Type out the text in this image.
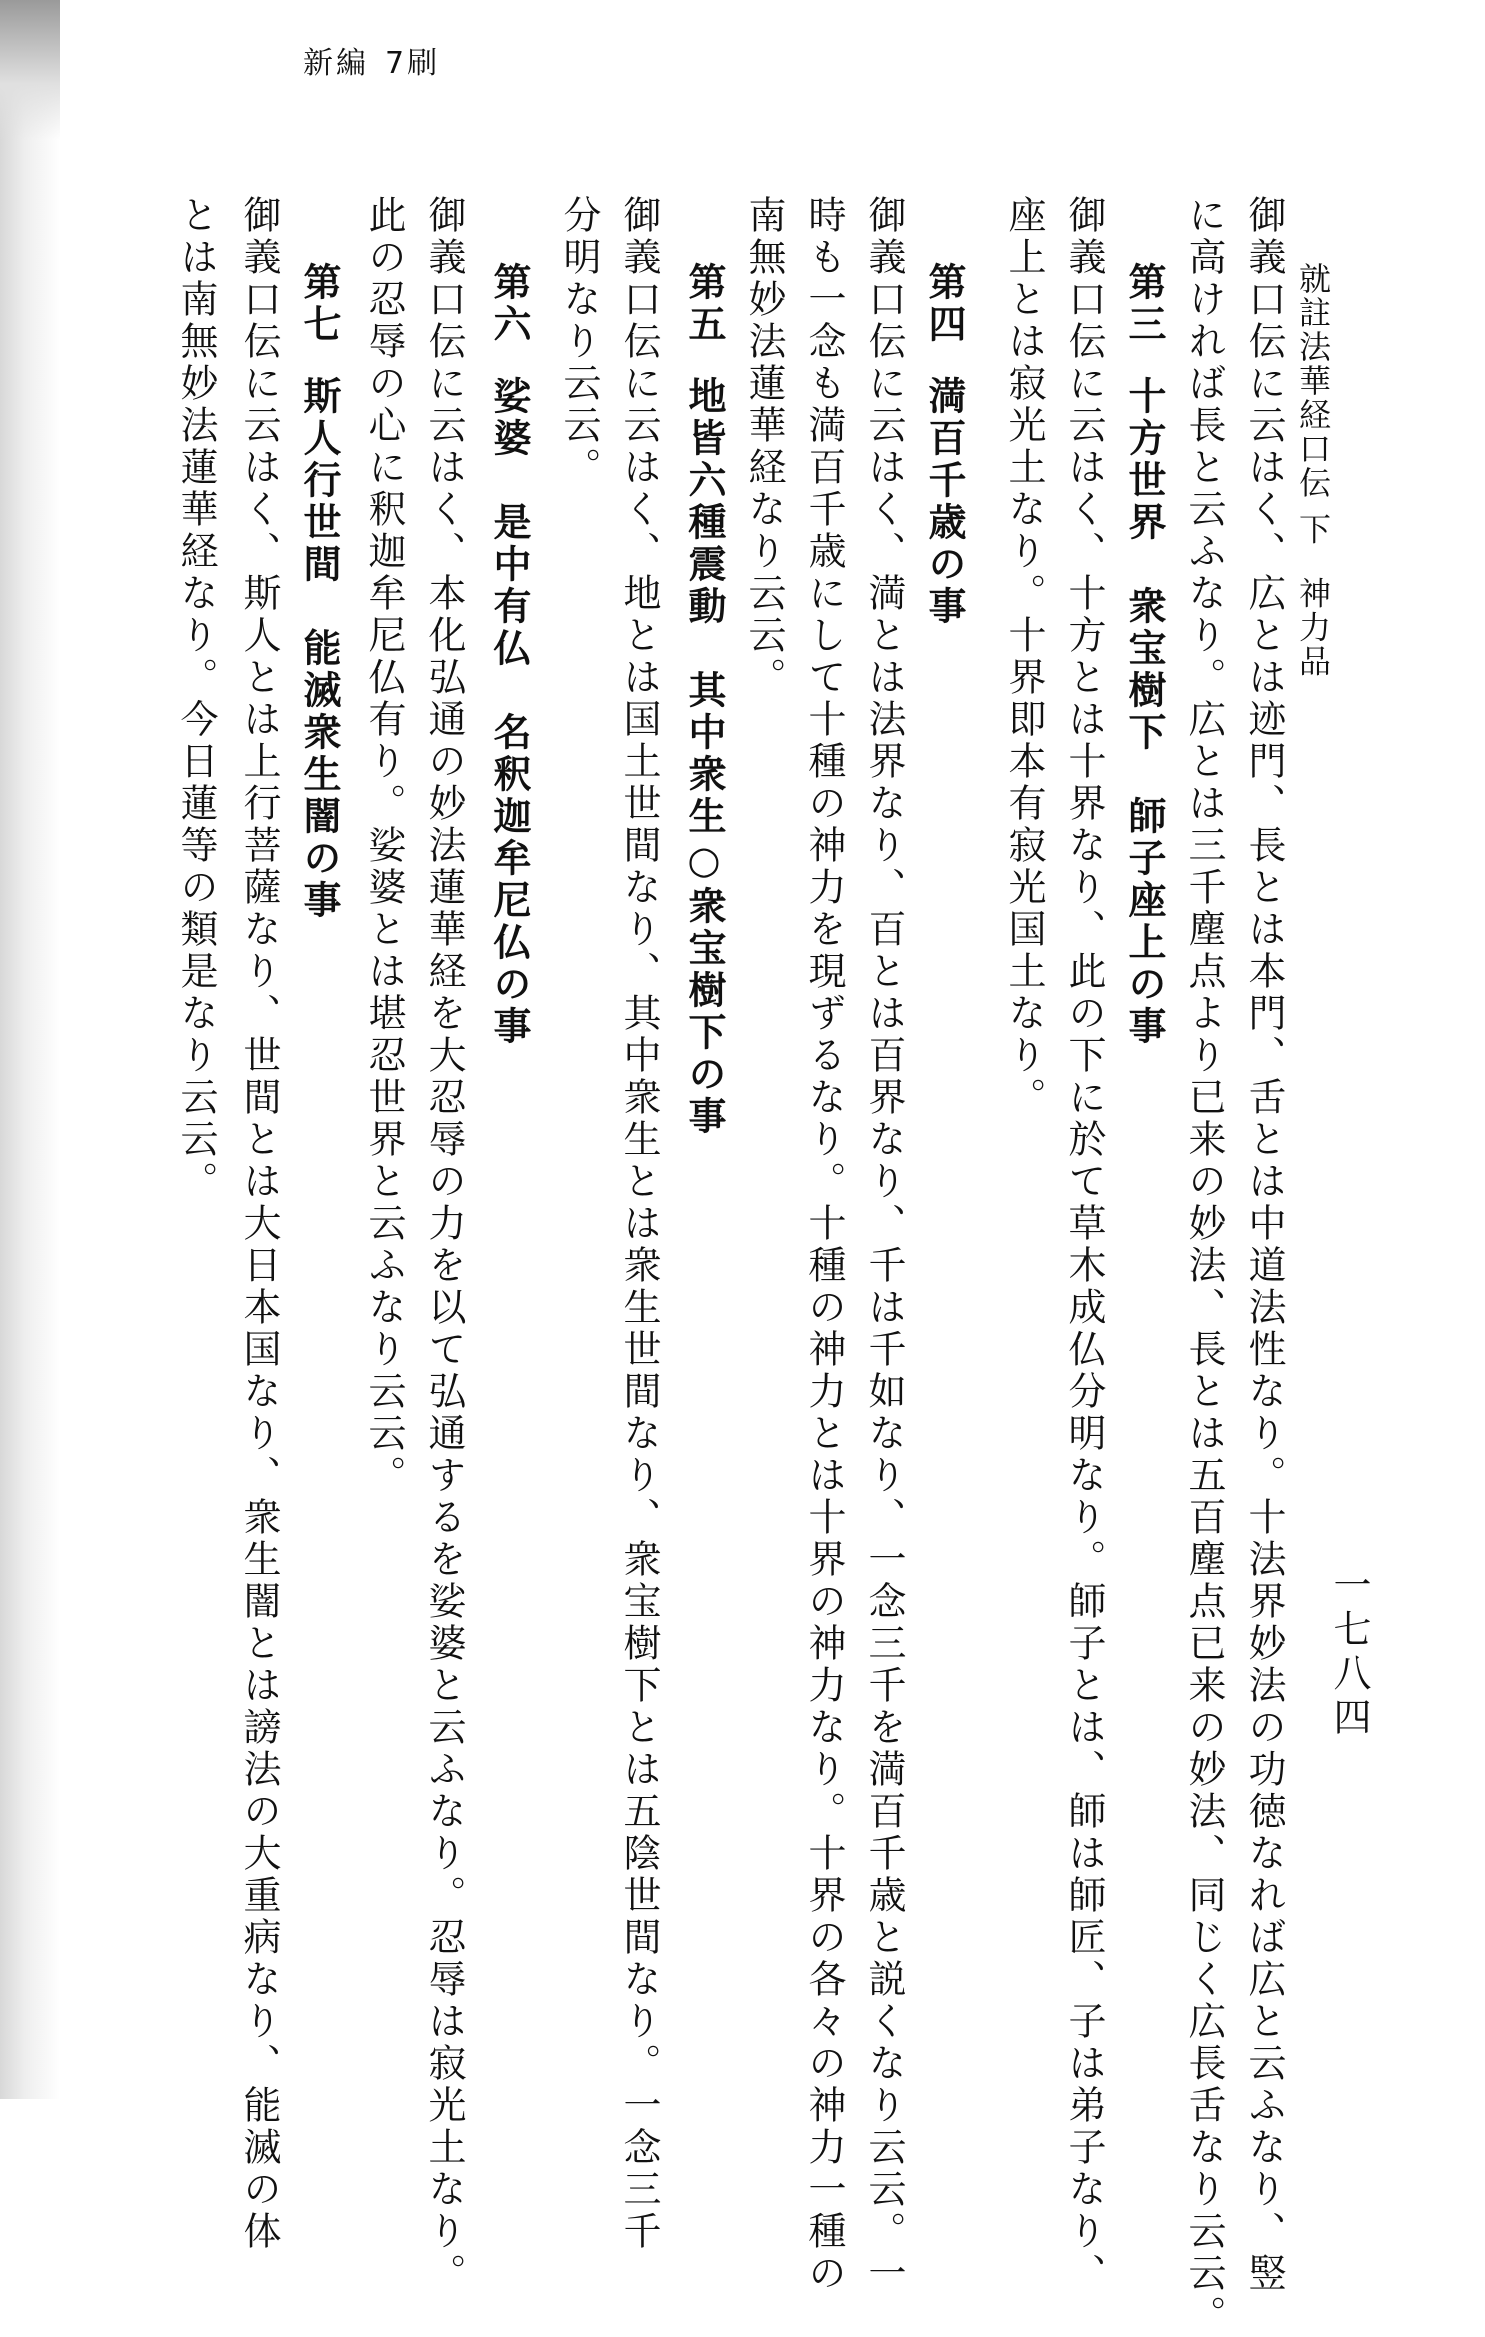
新編 7刷
就註法華経口伝 下神力品
一七八四
御義口伝に云はく、広とは迹門、長とは本門、舌とは中道法性なり。十法界妙法の功徳なれば広と云ふなり、竪
に高ければ長と云ふなり。広とは三千塵点より已来の妙法、長とは五百塵点已来の妙法、同じく広長舌なり云云。
第三十方世界　衆宝樹下　師子座上の事
御義口伝に云はく、十方とは十界なり、此の下に於て草木成仏分明なり。師子とは、師は師匠、子は弟子なり、
座上とは寂光土なり。十界即本有寂光国土なり。
第四満百千歳の事
御義口伝に云はく、満とは法界なり、百とは百界なり、千は千如なり、一念三千を満百千歳と説くなり云云。一
時も一念も満百千歳にして十種の神力を現ずるなり。十種の神力とは十界の神力なり。十界の各々の神力一種の
南無妙法蓮華経なり云云。
第五地皆六種震動　其中衆生○衆宝樹下の事
御義口伝に云はく、地とは国土世間なり、其中衆生とは衆生世間なり、衆宝樹下とは五陰世間なり。一念三千
分明なり云云。
第六娑婆　是中有仏　名釈迦牟尼仏の事
御義口伝に云はく、本化弘通の妙法蓮華経を大忍辱の力を以て弘通するを娑婆と云ふなり。忍辱は寂光土なり。
此の忍辱の心に釈迦牟尼仏有り。娑婆とは堪忍世界と云ふなり云云。
第七斯人行世間　能滅衆生闇の事
御義口伝に云はく、斯人とは上行菩薩なり、世間とは大日本国なり、衆生闇とは謗法の大重病なり、能滅の体
とは南無妙法蓮華経なり。今日蓮等の類是なり云云。
